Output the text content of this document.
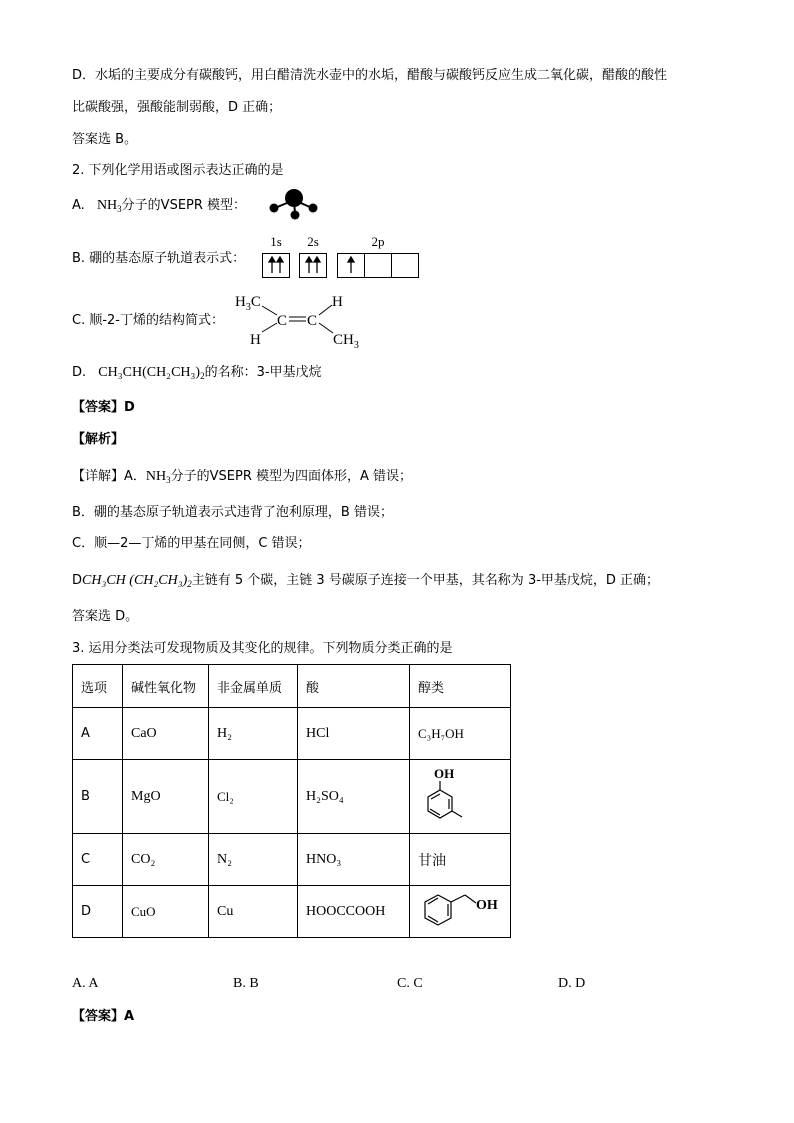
D．水垢的主要成分有碳酸钙，用白醋清洗水壶中的水垢，醋酸与碳酸钙反应生成二氧化碳，醋酸的酸性
比碳酸强，强酸能制弱酸，D 正确；
答案选 B。
2. 下列化学用语或图示表达正确的是
A. $NH_3$分子的VSEPR 模型：
B. 硼的基态原子轨道表示式：
1s 2s	2p
C. 顺-2-丁烯的结构简式：
$H_3C$
H
C C
H
$CH_3$
D. $CH_3CH(CH_2CH_3)_2$的名称：3-甲基戊烷
【答案】D
【解析】
【详解】A．$NH_3$分子的VSEPR 模型为四面体形，A 错误；
B．硼的基态原子轨道表示式违背了泡利原理，B 错误；
C．顺—2—丁烯的甲基在同侧，C 错误；
DCH₃CH $(CH_2CH_3)_2$主链有 5 个碳，主链 3 号碳原子连接一个甲基，其名称为 3-甲基戊烷，D 正确；
答案选 D。
3. 运用分类法可发现物质及其变化的规律。下列物质分类正确的是
选项	碱性氧化物	非金属单质	酸	醇类
A	CaO	H₂	HCl	C₃H₇OH
B	MgO	Cl₂	H₂SO₄	OH

C	CO₂	N₂	HNO₃	甘油
D	CuO	Cu	HOOCCOOH	OH
A. A	B. B	C. C	D. D
【答案】A
